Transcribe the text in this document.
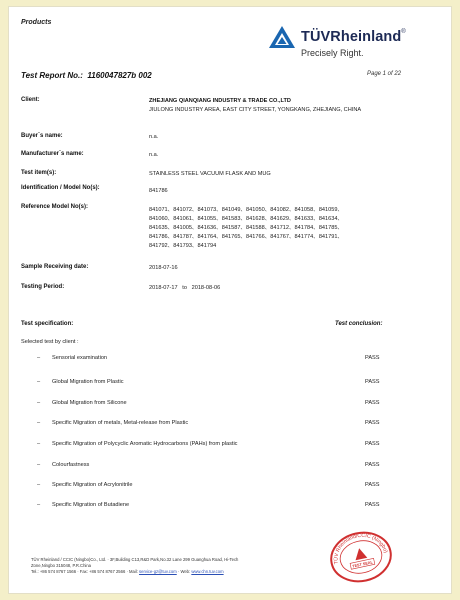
Products
TÜVRheinland®
Precisely Right.
Test Report No.: 1160047827b 002	Page 1 of 22
Client:	ZHEJIANG QIANQIANG INDUSTRY & TRADE CO.,LTD
JIULONG INDUSTRY AREA, EAST CITY STREET, YONGKANG, ZHEJIANG, CHINA
Buyer`s name:	n.a.
Manufacturer`s name:	n.a.
Test item(s):	STAINLESS STEEL VACUUM FLASK AND MUG
Identification / Model No(s):	841786
Reference Model No(s):	841071、841072、841073、841049、841050、841082、841058、841059、
841060、841061、841055、841583、841628、841629、841633、841634、
841635、841005、841636、841587、841588、841712、841784、841785、
841786、841787、841764、841765、841766、841767、841774、841791、
841792、841793、841794
Sample Receiving date:	2018-07-16
Testing Period:	2018-07-17   to   2018-08-06
Test specification:	Test conclusion:
Selected test by client :
– Sensorial examination	PASS
– Global Migration from Plastic	PASS
– Global Migration from Silicone	PASS
– Specific Migration of metals, Metal-release from Plastic	PASS
– Specific Migration of Polycyclic Aromatic Hydrocarbons (PAHs) from plastic	PASS
– Colourfastness	PASS
– Specific Migration of Acrylonitrile	PASS
– Specific Migration of Butadiene	PASS
TÜV Rheinland / CCIC (Ningbo)Co., Ltd. · 3F,Building C13,R&D Park,No.32 Lane 299 Guanghua Road, Hi-Tech
Zone,Ningbo 315048, P.R.China
Tel.: +86 574 8767 1566 · Fax: +86 574 8767 2566 · Mail: service-gz@tuv.com · Web: www.chn.tuv.com
TÜV Rheinland/CCIC (Ningbo)
TEST SEAL
